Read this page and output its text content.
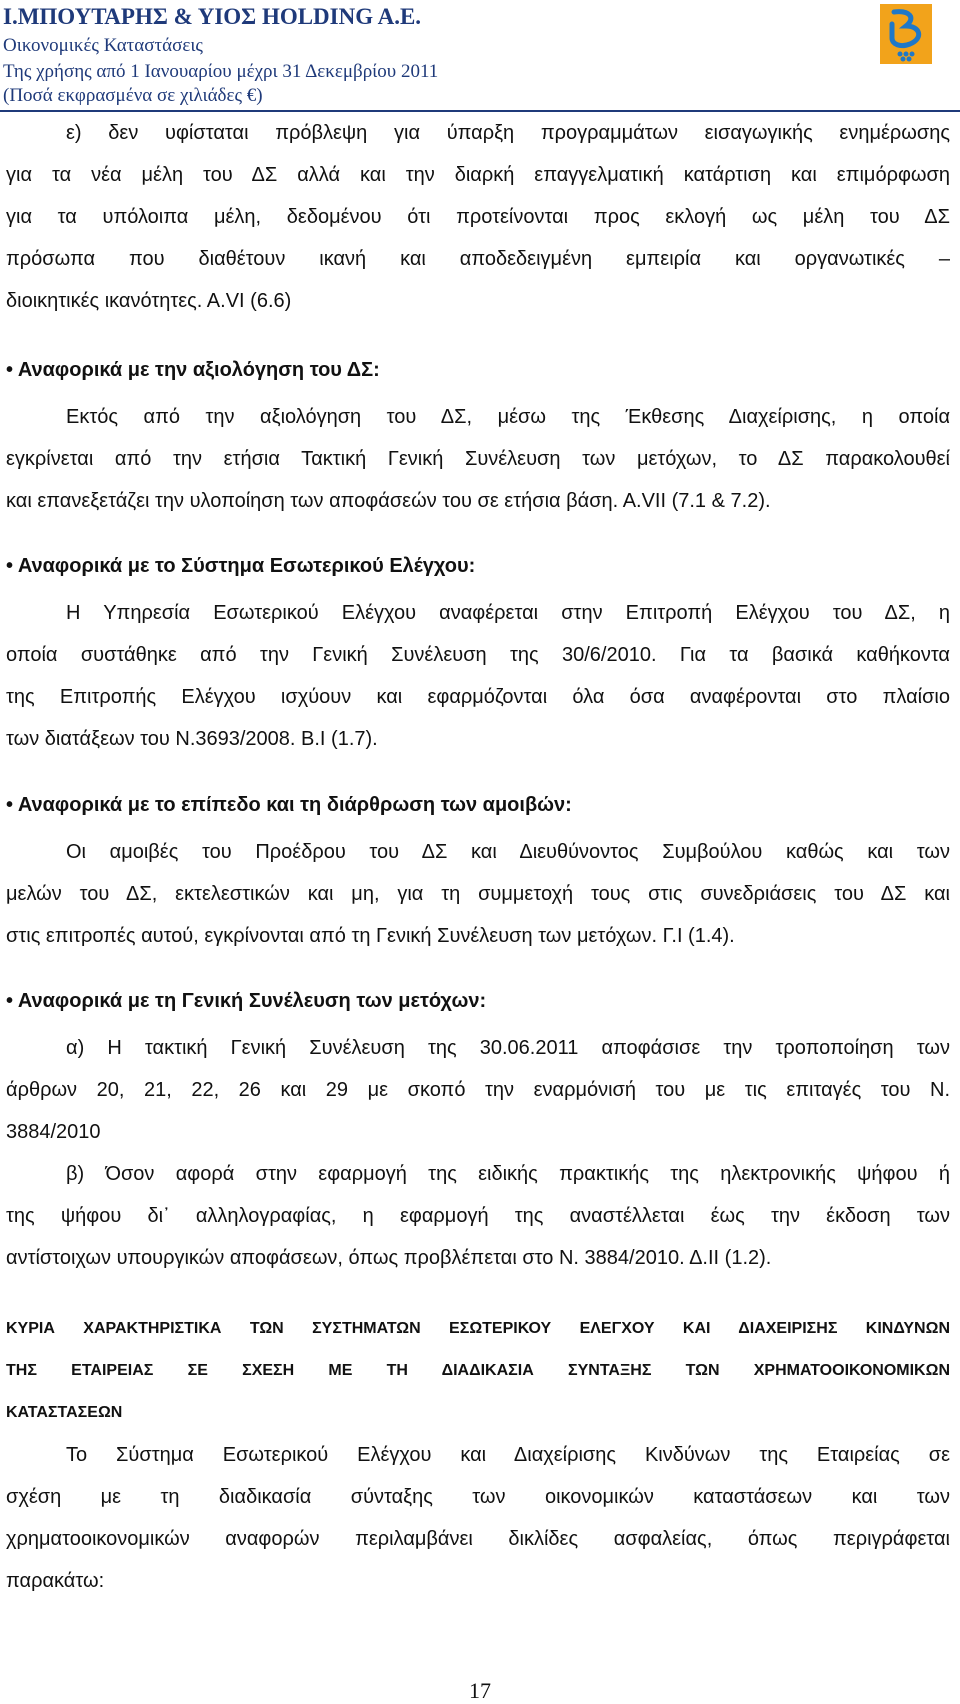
Ι.ΜΠΟΥΤΑΡΗΣ & ΥΙΟΣ HOLDING A.E.
Οικονομικές Καταστάσεις
Της χρήσης από 1 Ιανουαρίου μέχρι 31 Δεκεμβρίου 2011
(Ποσά εκφρασμένα σε χιλιάδες €)
ε) δεν υφίσταται πρόβλεψη για ύπαρξη προγραμμάτων εισαγωγικής ενημέρωσης
για τα νέα μέλη του ΔΣ αλλά και την διαρκή επαγγελματική κατάρτιση και επιμόρφωση
για τα υπόλοιπα μέλη, δεδομένου ότι προτείνονται προς εκλογή ως μέλη του ΔΣ
πρόσωπα που διαθέτουν ικανή και αποδεδειγμένη εμπειρία και οργανωτικές –
διοικητικές ικανότητες. Α.VI (6.6)
• Αναφορικά με την αξιολόγηση του ΔΣ:
Εκτός από την αξιολόγηση του ΔΣ, μέσω της Έκθεσης Διαχείρισης, η οποία
εγκρίνεται από την ετήσια Τακτική Γενική Συνέλευση των μετόχων, το ΔΣ παρακολουθεί
και επανεξετάζει την υλοποίηση των αποφάσεών του σε ετήσια βάση. Α.VII (7.1 & 7.2).
• Αναφορικά με το Σύστημα Εσωτερικού Ελέγχου:
Η Υπηρεσία Εσωτερικού Ελέγχου αναφέρεται στην Επιτροπή Ελέγχου του ΔΣ, η
οποία συστάθηκε από την Γενική Συνέλευση της 30/6/2010. Για τα βασικά καθήκοντα
της Επιτροπής Ελέγχου ισχύουν και εφαρμόζονται όλα όσα αναφέρονται στο πλαίσιο
των διατάξεων του Ν.3693/2008. Β.Ι (1.7).
• Αναφορικά με το επίπεδο και τη διάρθρωση των αμοιβών:
Οι αμοιβές του Προέδρου του ΔΣ και Διευθύνοντος Συμβούλου καθώς και των
μελών του ΔΣ, εκτελεστικών και μη, για τη συμμετοχή τους στις συνεδριάσεις του ΔΣ και
στις επιτροπές αυτού, εγκρίνονται από τη Γενική Συνέλευση των μετόχων. Γ.Ι (1.4).
• Αναφορικά με τη Γενική Συνέλευση των μετόχων:
α) Η τακτική Γενική Συνέλευση της 30.06.2011 αποφάσισε την τροποποίηση των
άρθρων 20, 21, 22, 26 και 29 με σκοπό την εναρμόνισή του με τις επιταγές του Ν.
3884/2010
β) Όσον αφορά στην εφαρμογή της ειδικής πρακτικής της ηλεκτρονικής ψήφου ή
της ψήφου δι᾽ αλληλογραφίας, η εφαρμογή της αναστέλλεται έως την έκδοση των
αντίστοιχων υπουργικών αποφάσεων, όπως προβλέπεται στο Ν. 3884/2010. Δ.ΙΙ (1.2).
ΚΥΡΙΑ ΧΑΡΑΚΤΗΡΙΣΤΙΚΑ ΤΩΝ ΣΥΣΤΗΜΑΤΩΝ ΕΣΩΤΕΡΙΚΟΥ ΕΛΕΓΧΟΥ ΚΑΙ ΔΙΑΧΕΙΡΙΣΗΣ ΚΙΝΔΥΝΩΝ
ΤΗΣ ΕΤΑΙΡΕΙΑΣ ΣΕ ΣΧΕΣΗ ΜΕ ΤΗ ΔΙΑΔΙΚΑΣΙΑ ΣΥΝΤΑΞΗΣ ΤΩΝ ΧΡΗΜΑΤΟΟΙΚΟΝΟΜΙΚΩΝ
ΚΑΤΑΣΤΑΣΕΩΝ
Το Σύστημα Εσωτερικού Ελέγχου και Διαχείρισης Κινδύνων της Εταιρείας σε
σχέση με τη διαδικασία σύνταξης των οικονομικών καταστάσεων και των
χρηματοοικονομικών αναφορών περιλαμβάνει δικλίδες ασφαλείας, όπως περιγράφεται
παρακάτω:
17
